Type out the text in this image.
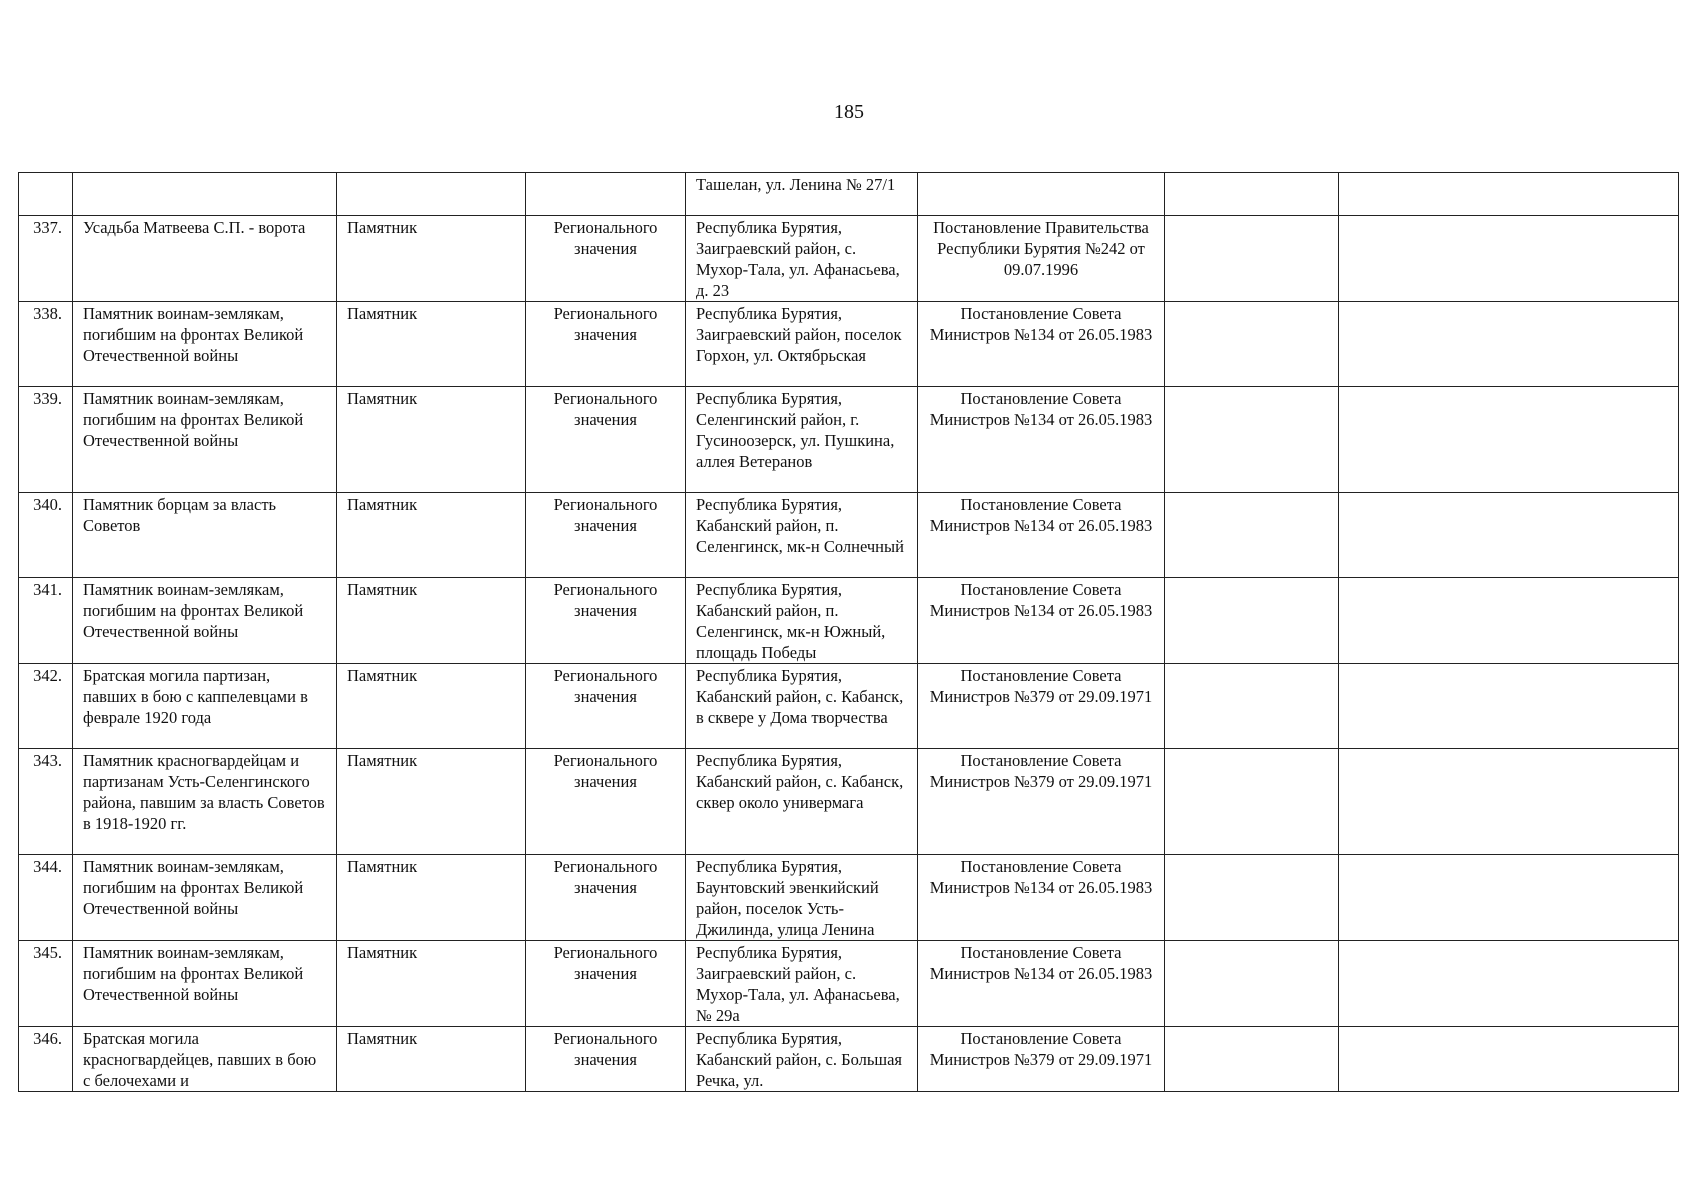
185
				Ташелан, ул. Ленина № 27/1			
337.	Усадьба Матвеева С.П. - ворота	Памятник	Регионального значения	Республика Бурятия, Заиграевский район, с. Мухор-Тала, ул. Афанасьева, д. 23	Постановление Правительства Республики Бурятия №242 от 09.07.1996		
338.	Памятник воинам-землякам, погибшим на фронтах Великой Отечественной войны	Памятник	Регионального значения	Республика Бурятия, Заиграевский район, поселок Горхон, ул. Октябрьская	Постановление Совета Министров №134 от 26.05.1983		
339.	Памятник воинам-землякам, погибшим на фронтах Великой Отечественной войны	Памятник	Регионального значения	Республика Бурятия, Селенгинский район, г. Гусиноозерск, ул. Пушкина, аллея Ветеранов	Постановление Совета Министров №134 от 26.05.1983		
340.	Памятник борцам за власть Советов	Памятник	Регионального значения	Республика Бурятия, Кабанский район, п. Селенгинск, мк-н Солнечный	Постановление Совета Министров №134 от 26.05.1983		
341.	Памятник воинам-землякам, погибшим на фронтах Великой Отечественной войны	Памятник	Регионального значения	Республика Бурятия, Кабанский район, п. Селенгинск, мк-н Южный, площадь Победы	Постановление Совета Министров №134 от 26.05.1983		
342.	Братская могила партизан, павших в бою с каппелевцами в феврале 1920 года	Памятник	Регионального значения	Республика Бурятия, Кабанский район, с. Кабанск, в сквере у Дома творчества	Постановление Совета Министров №379 от 29.09.1971		
343.	Памятник красногвардейцам и партизанам Усть-Селенгинского района, павшим за власть Советов в 1918-1920 гг.	Памятник	Регионального значения	Республика Бурятия, Кабанский район, с. Кабанск, сквер около универмага	Постановление Совета Министров №379 от 29.09.1971		
344.	Памятник воинам-землякам, погибшим на фронтах Великой Отечественной войны	Памятник	Регионального значения	Республика Бурятия, Баунтовский эвенкийский район, поселок Усть-Джилинда, улица Ленина	Постановление Совета Министров №134 от 26.05.1983		
345.	Памятник воинам-землякам, погибшим на фронтах Великой Отечественной войны	Памятник	Регионального значения	Республика Бурятия, Заиграевский район, с. Мухор-Тала, ул. Афанасьева, № 29а	Постановление Совета Министров №134 от 26.05.1983		
346.	Братская могила красногвардейцев, павших в бою с белочехами и	Памятник	Регионального значения	Республика Бурятия, Кабанский район, с. Большая Речка, ул.	Постановление Совета Министров №379 от 29.09.1971		
